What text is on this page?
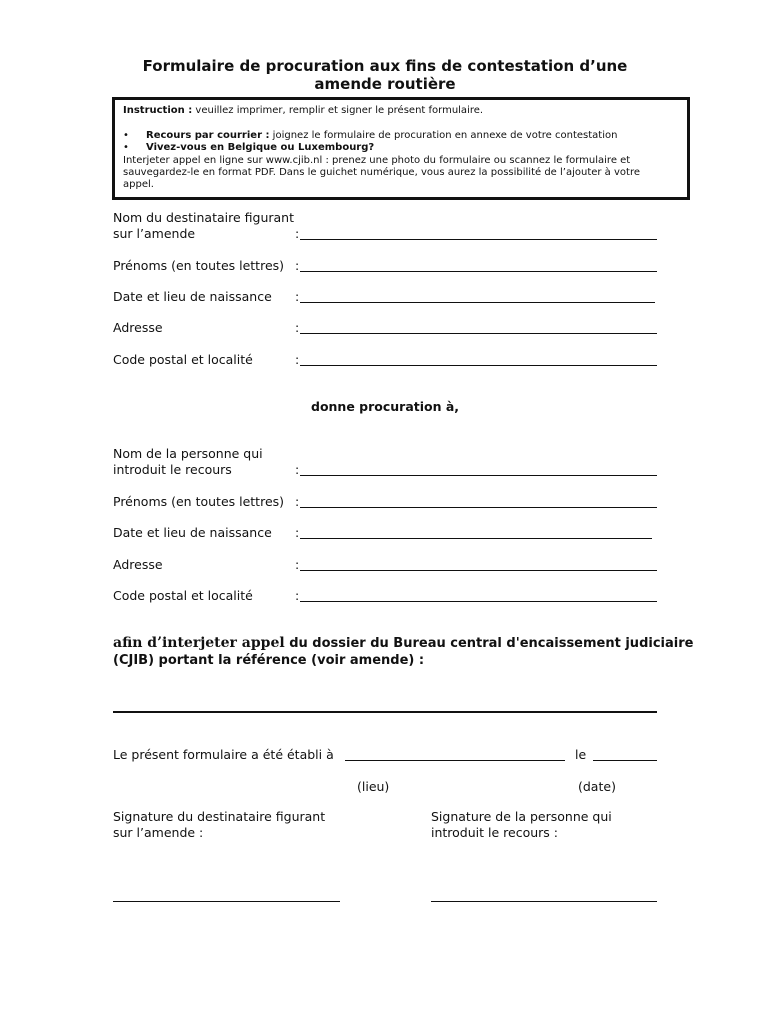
Formulaire de procuration aux fins de contestation d’une
amende routière
Instruction : veuillez imprimer, remplir et signer le présent formulaire.
• Recours par courrier : joignez le formulaire de procuration en annexe de votre contestation
• Vivez-vous en Belgique ou Luxembourg?
Interjeter appel en ligne sur www.cjib.nl : prenez une photo du formulaire ou scannez le formulaire et
sauvegardez-le en format PDF. Dans le guichet numérique, vous aurez la possibilité de l’ajouter à votre
appel.
Nom du destinataire figurant
sur l’amende	:
Prénoms (en toutes lettres) :
Date et lieu de naissance :
Adresse	:
Code postal et localité	:
donne procuration à,
Nom de la personne qui
introduit le recours	:
Prénoms (en toutes lettres) :
Date et lieu de naissance :
Adresse	:
Code postal et localité	:
afin d’interjeter appel du dossier du Bureau central d'encaissement judiciaire
(CJIB) portant la référence (voir amende) :
Le présent formulaire a été établi à	le
(lieu)	(date)
Signature du destinataire figurant
sur l’amende :
Signature de la personne qui
introduit le recours :
